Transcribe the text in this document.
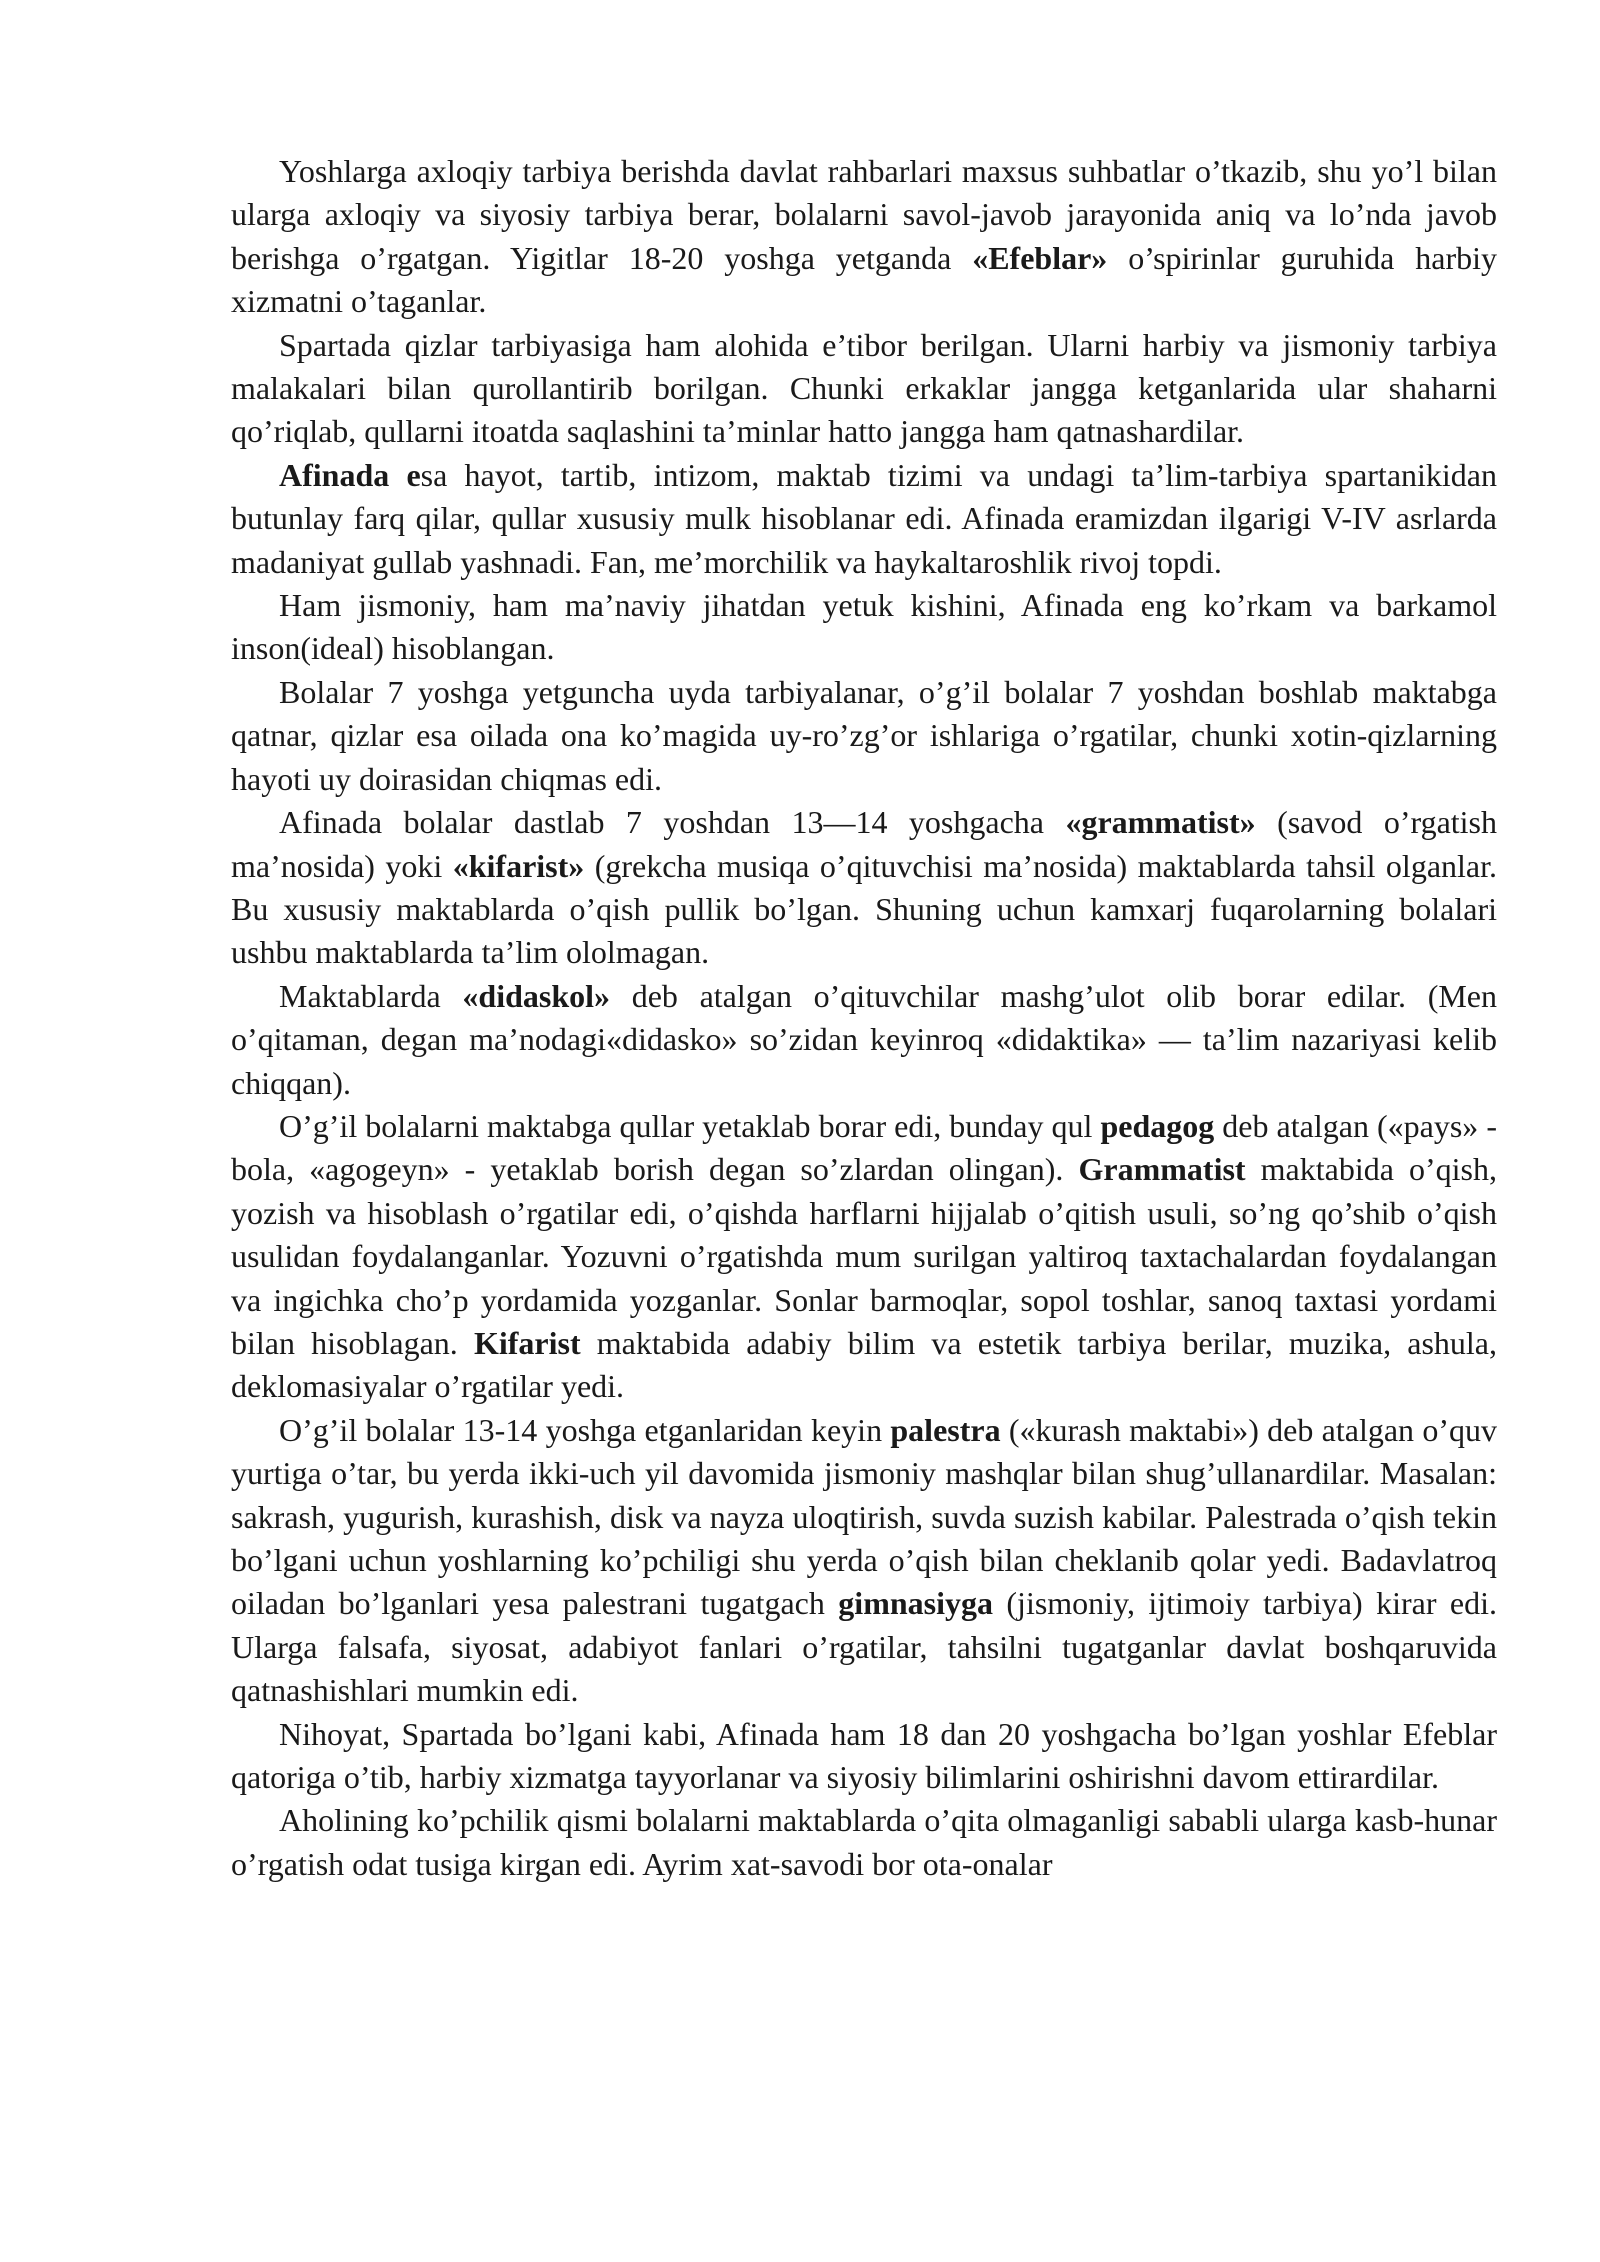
Yoshlarga axloqiy tarbiya berishda davlat rahbarlari maxsus suhbatlar o’tkazib, shu yo’l bilan ularga axloqiy va siyosiy tarbiya berar, bolalarni savol-javob jarayonida aniq va lo’nda javob berishga o’rgatgan. Yigitlar 18-20 yoshga yetganda «Efeblar» o’spirinlar guruhida harbiy xizmatni o’taganlar.

Spartada qizlar tarbiyasiga ham alohida e’tibor berilgan. Ularni harbiy va jismoniy tarbiya malakalari bilan qurollantirib borilgan. Chunki erkaklar jangga ketganlarida ular shaharni qo’riqlab, qullarni itoatda saqlashini ta’minlar hatto jangga ham qatnashardilar.

Afinada esa hayot, tartib, intizom, maktab tizimi va undagi ta’lim-tarbiya spartanikidan butunlay farq qilar, qullar xususiy mulk hisoblanar edi. Afinada eramizdan ilgarigi V-IV asrlarda madaniyat gullab yashnadi. Fan, me’morchilik va haykaltaroshlik rivoj topdi.

Ham jismoniy, ham ma’naviy jihatdan yetuk kishini, Afinada eng ko’rkam va barkamol inson(ideal) hisoblangan.

Bolalar 7 yoshga yetguncha uyda tarbiyalanar, o’g’il bolalar 7 yoshdan boshlab maktabga qatnar, qizlar esa oilada ona ko’magida uy-ro’zg’or ishlariga o’rgatilar, chunki xotin-qizlarning hayoti uy doirasidan chiqmas edi.

Afinada bolalar dastlab 7 yoshdan 13—14 yoshgacha «grammatist» (savod o’rgatish ma’nosida) yoki «kifarist» (grekcha musiqa o’qituvchisi ma’nosida) maktablarda tahsil olganlar. Bu xususiy maktablarda o’qish pullik bo’lgan. Shuning uchun kamxarj fuqarolarning bolalari ushbu maktablarda ta’lim ololmagan.

Maktablarda «didaskol» deb atalgan o’qituvchilar mashg’ulot olib borar edilar. (Men o’qitaman, degan ma’nodagi«didasko» so’zidan keyinroq «didaktika» — ta’lim nazariyasi kelib chiqqan).

O’g’il bolalarni maktabga qullar yetaklab borar edi, bunday qul pedagog deb atalgan («pays» - bola, «agogeyn» - yetaklab borish degan so’zlardan olingan). Grammatist maktabida o’qish, yozish va hisoblash o’rgatilar edi, o’qishda harflarni hijjalab o’qitish usuli, so’ng qo’shib o’qish usulidan foydalanganlar. Yozuvni o’rgatishda mum surilgan yaltiroq taxtachalardan foydalangan va ingichka cho’p yordamida yozganlar. Sonlar barmoqlar, sopol toshlar, sanoq taxtasi yordami bilan hisoblagan. Kifarist maktabida adabiy bilim va estetik tarbiya berilar, muzika, ashula, deklomasiyalar o’rgatilar yedi.

O’g’il bolalar 13-14 yoshga etganlaridan keyin palestra («kurash maktabi») deb atalgan o’quv yurtiga o’tar, bu yerda ikki-uch yil davomida jismoniy mashqlar bilan shug’ullanardilar. Masalan: sakrash, yugurish, kurashish, disk va nayza uloqtirish, suvda suzish kabilar. Palestrada o’qish tekin bo’lgani uchun yoshlarning ko’pchiligi shu yerda o’qish bilan cheklanib qolar yedi. Badavlatroq oiladan bo’lganlari yesa palestrani tugatgach gimnasiyga (jismoniy, ijtimoiy tarbiya) kirar edi. Ularga falsafa, siyosat, adabiyot fanlari o’rgatilar, tahsilni tugatganlar davlat boshqaruvida qatnashishlari mumkin edi.

Nihoyat, Spartada bo’lgani kabi, Afinada ham 18 dan 20 yoshgacha bo’lgan yoshlar Efeblar qatoriga o’tib, harbiy xizmatga tayyorlanar va siyosiy bilimlarini oshirishni davom ettirardilar.

Aholining ko’pchilik qismi bolalarni maktablarda o’qita olmaganligi sababli ularga kasb-hunar o’rgatish odat tusiga kirgan edi. Ayrim xat-savodi bor ota-onalar
